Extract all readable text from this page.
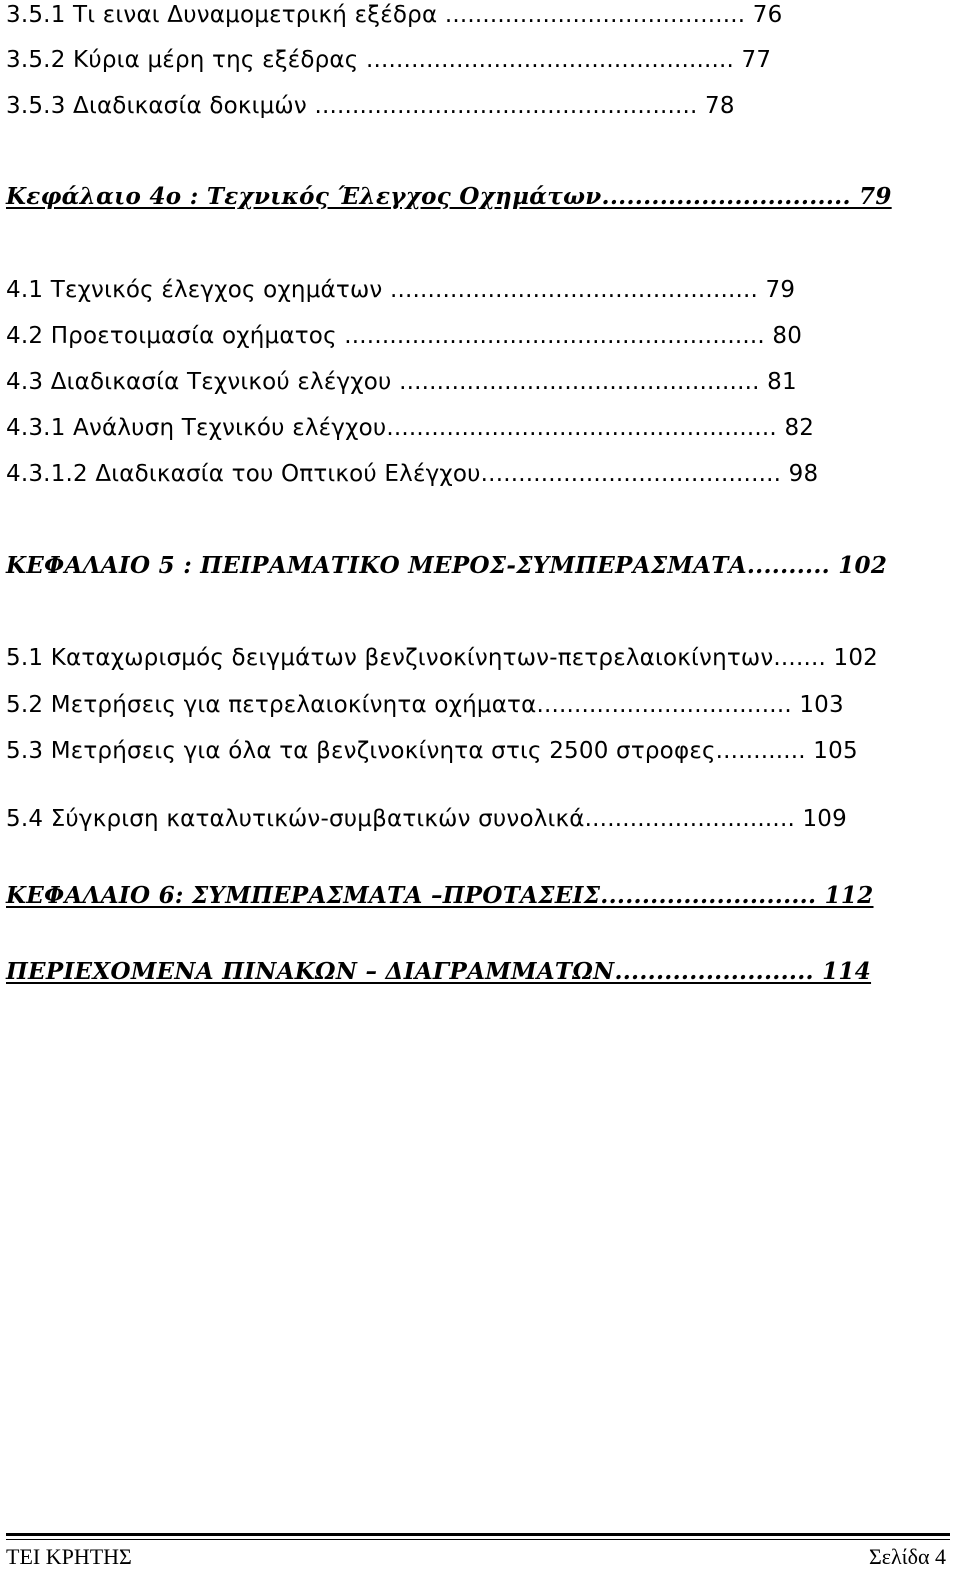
3.5.1 Τι ειναι Δυναμομετρική εξέδρα ........................................ 76
3.5.2 Κύρια μέρη της εξέδρας ................................................. 77
3.5.3 Διαδικασία δοκιμών ................................................... 78
Κεφάλαιο 4ο : Τεχνικός Έλεγχος Οχημάτων.............................. 79
4.1 Τεχνικός έλεγχος οχημάτων ................................................. 79
4.2 Προετοιμασία οχήματος ........................................................ 80
4.3 Διαδικασία Τεχνικού ελέγχου ................................................ 81
4.3.1 Ανάλυση Τεχνικόυ ελέγχου.................................................... 82
4.3.1.2 Διαδικασία του Οπτικού Ελέγχου........................................ 98
ΚΕΦΑΛΑΙΟ 5 : ΠΕΙΡΑΜΑΤΙΚΟ ΜΕΡΟΣ-ΣΥΜΠΕΡΑΣΜΑΤΑ.......... 102
5.1 Καταχωρισμός δειγμάτων βενζινοκίνητων-πετρελαιοκίνητων....... 102
5.2 Μετρήσεις για πετρελαιοκίνητα οχήματα.................................. 103
5.3 Μετρήσεις για όλα τα βενζινοκίνητα στις 2500 στροφες............ 105
5.4 Σύγκριση καταλυτικών-συμβατικών συνολικά............................ 109
ΚΕΦΑΛΑΙΟ 6: ΣΥΜΠΕΡΑΣΜΑΤΑ –ΠΡΟΤΑΣΕΙΣ.......................... 112
ΠΕΡΙΕΧΟΜΕΝΑ ΠΙΝΑΚΩΝ – ΔΙΑΓΡΑΜΜΑΤΩΝ........................ 114
ΤΕΙ ΚΡΗΤΗΣ	Σελίδα 4
